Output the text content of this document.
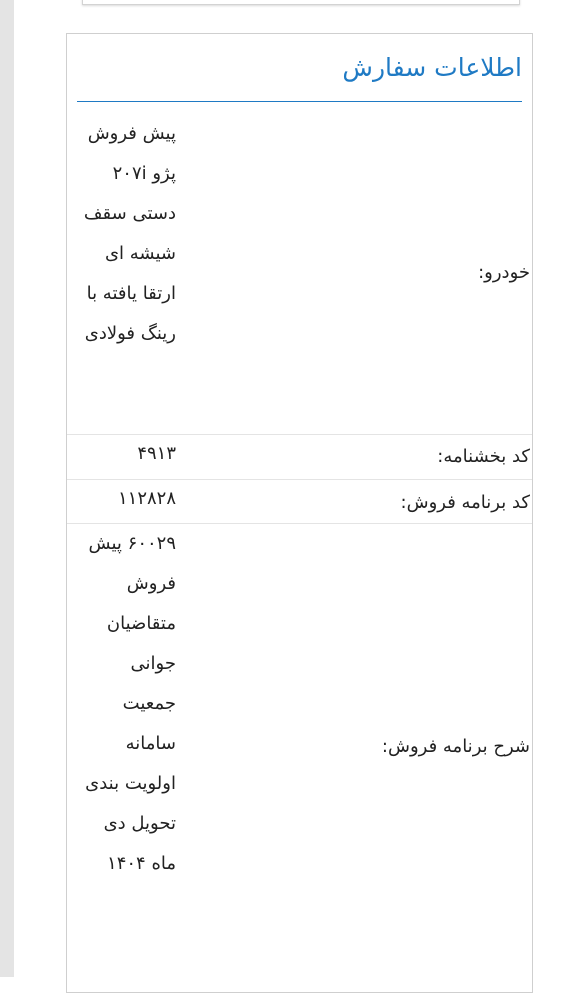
اطلاعات سفارش
خودرو:
پیش فروش پژو ۲۰۷i دستی سقف شیشه ای ارتقا یافته با رینگ فولادی
کد بخشنامه:
۴۹۱۳
کد برنامه فروش:
۱۱۲۸۲۸
شرح برنامه فروش:
۶۰۰۲۹ پیش فروش متقاضیان جوانی جمعیت سامانه اولویت بندی تحویل دی ماه ۱۴۰۴
